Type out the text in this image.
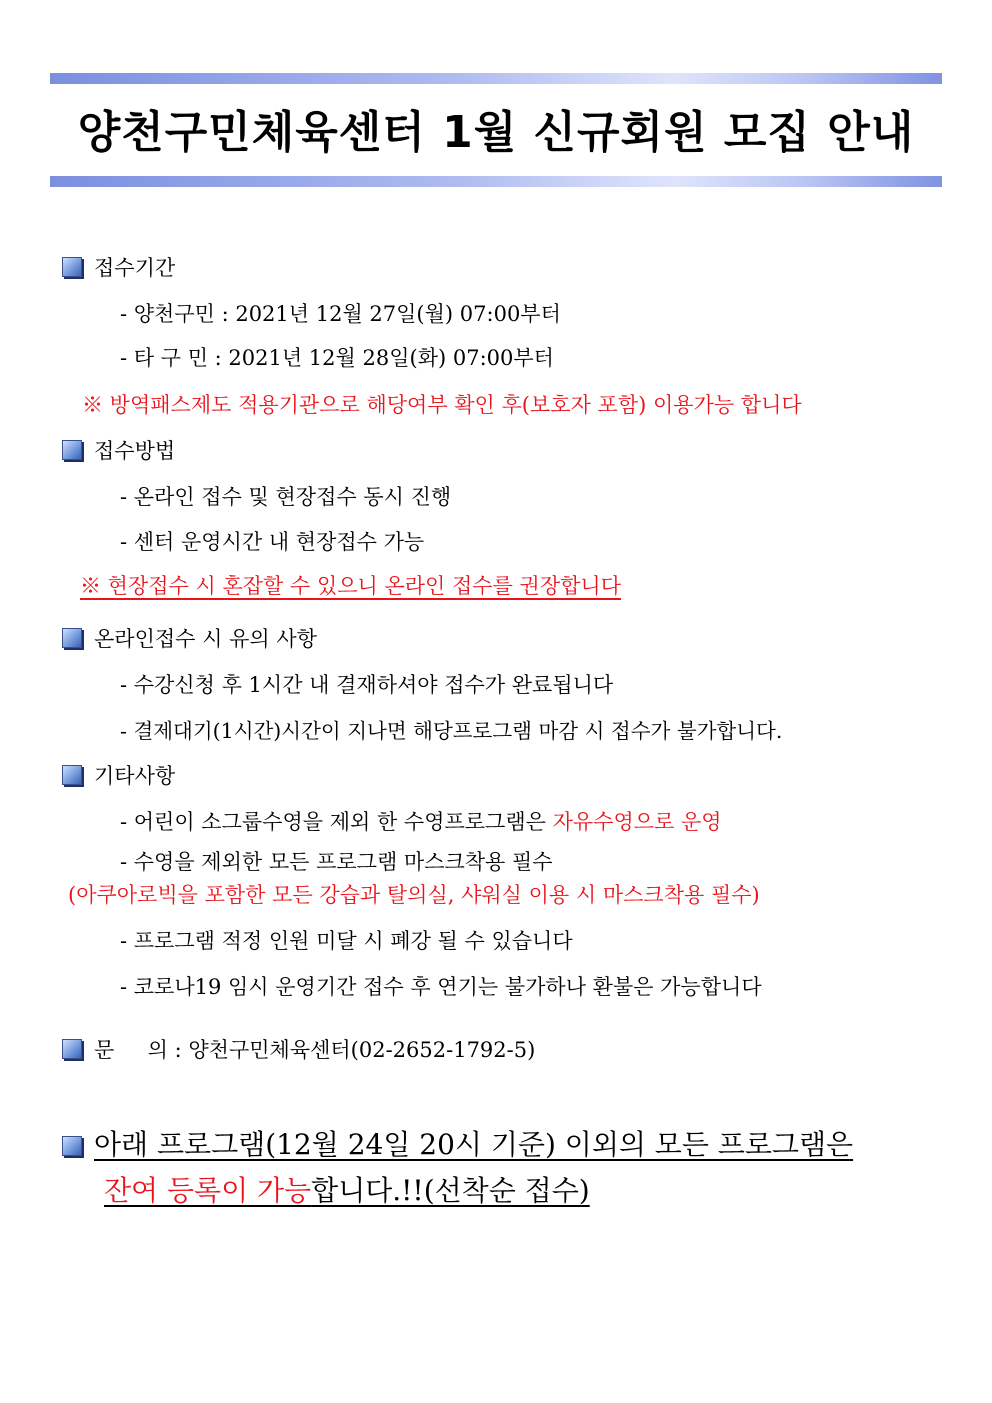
양천구민체육센터 1월 신규회원 모집 안내
접수기간
- 양천구민 : 2021년 12월 27일(월) 07:00부터
- 타 구 민 : 2021년 12월 28일(화) 07:00부터
※ 방역패스제도 적용기관으로 해당여부 확인 후(보호자 포함) 이용가능 합니다
접수방법
- 온라인 접수 및 현장접수 동시 진행
- 센터 운영시간 내 현장접수 가능
※ 현장접수 시 혼잡할 수 있으니 온라인 접수를 권장합니다
온라인접수 시 유의 사항
- 수강신청 후 1시간 내 결재하셔야 접수가 완료됩니다
- 결제대기(1시간)시간이 지나면 해당프로그램 마감 시 접수가 불가합니다.
기타사항
- 어린이 소그룹수영을 제외 한 수영프로그램은 자유수영으로 운영
- 수영을 제외한 모든 프로그램 마스크착용 필수
(아쿠아로빅을 포함한 모든 강습과 탈의실, 샤워실 이용 시 마스크착용 필수)
- 프로그램 적정 인원 미달 시 폐강 될 수 있습니다
- 코로나19 임시 운영기간 접수 후 연기는 불가하나 환불은 가능합니다
문     의 : 양천구민체육센터(02-2652-1792-5)
아래 프로그램(12월 24일 20시 기준) 이외의 모든 프로그램은
잔여 등록이 가능합니다.!!(선착순 접수)
